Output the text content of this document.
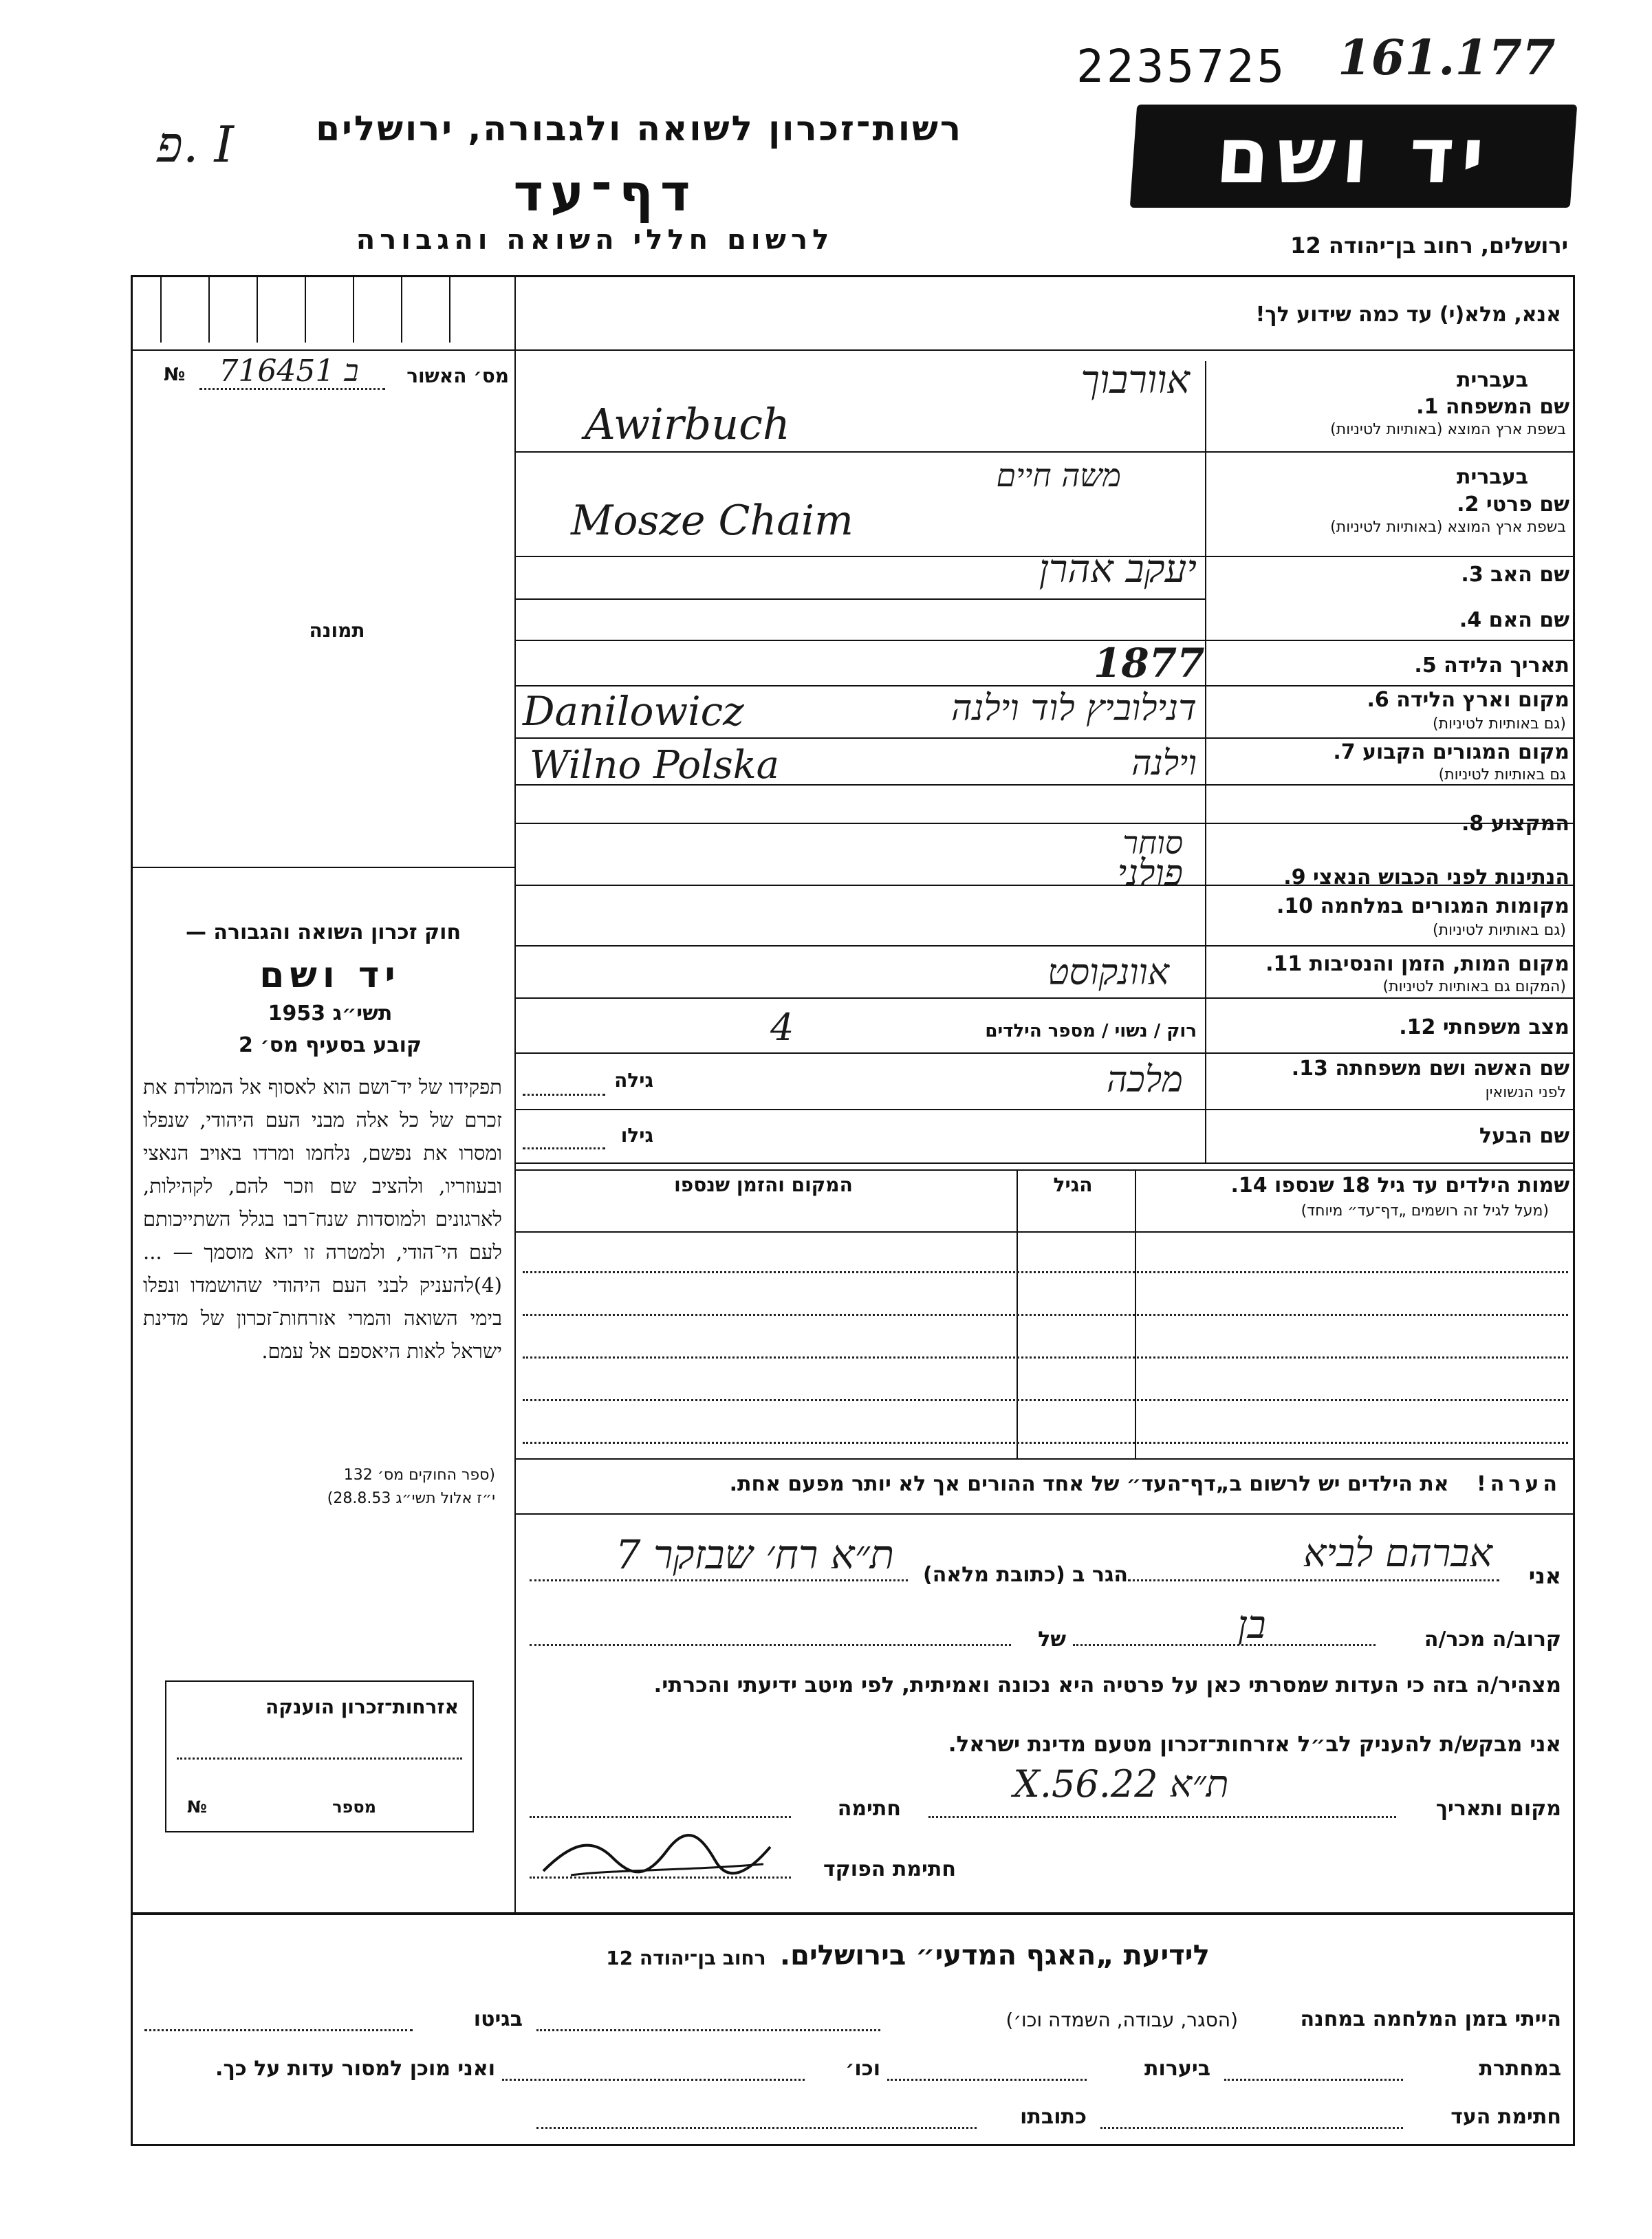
2235725 161.177
I .פ	רשות־זכרון לשואה ולגבורה, ירושלים
דף־עד
לרשום חללי השואה והגבורה
יד ושם
ירושלים, רחוב בן־יהודה 12
אנא, מלא(י) עד כמה שידוע לך!
№	ב 716451	מס׳ האשור
תמונה
חוק זכרון השואה והגבורה —
יד ושם
תשי״ג 1953
קובע בסעיף מס׳ 2
תפקידו של יד־ושם הוא לאסוף אל המולדת את זכרם של כל אלה מבני העם היהודי, שנפלו ומסרו את נפשם, נלחמו ומרדו באויב הנאצי ובעוזריו, ולהציב שם וזכר להם, לקהילות, לארגונים ולמוסדות שנח־רבו בגלל השתייכותם לעם הי־הודי, ולמטרה זו יהא מוסמך — ...(4)להעניק לבני העם היהודי שהושמדו ונפלו בימי השואה והמרי אזרחות־זכרון של מדינת ישראל לאות היאספם אל עמם.
(ספר החוקים מס׳ 132
י״ז אלול תשי״ג 28.8.53)
אזרחות־זכרון הוענקה
מספר
№
בעברית
שם המשפחה 1.
בשפת ארץ המוצא (באותיות לטיניות)
אוורבוך
Awirbuch
בעברית
שם פרטי 2.
בשפת ארץ המוצא (באותיות לטיניות)
משה חיים
Mosze Chaim
שם האב 3.
יעקב אהרן
שם האם 4.
תאריך הלידה 5.
1877
מקום וארץ הלידה 6.
(גם באותיות לטיניות)
דנילוביץ לוד וילנה
Danilowicz
מקום המגורים הקבוע 7.
גם באותיות לטיניות)
וילנה
Wilno Polska
המקצוע 8.
סוחר
הנתינות לפני הכבוש הנאצי 9.
פולני
מקומות המגורים במלחמה 10.
(גם באותיות לטיניות)
מקום המות, הזמן והנסיבות 11.
(המקום גם באותיות לטיניות)
אוונקוסט
מצב משפחתי 12.
רוק / נשוי / מספר הילדים
4
שם האשה ושם משפחתה 13.
לפני הנשואין
מלכה
גילה
שם הבעל
גילו
שמות הילדים עד גיל 18 שנספו 14.
(מעל לגיל זה רושמים „דף־עד״ מיוחד)
הגיל
המקום והזמן שנספו
הערה! את הילדים יש לרשום ב„דף־העד״ של אחד ההורים אך לא יותר מפעם אחת.
אני
אברהם לביא
הגר ב (כתובת מלאה)
ת״א רח׳ שבזקר 7
קרוב/ה מכר/ה
בן
של
מצהיר/ה בזה כי העדות שמסרתי כאן על פרטיה היא נכונה ואמיתית, לפי מיטב ידיעתי והכרתי.
אני מבקש/ת להעניק לב״ל אזרחות־זכרון מטעם מדינת ישראל.
מקום ותאריך
ת״א 22.X.56
חתימה
חתימת הפוקד
לידיעת „האגף המדעי״ בירושלים.    רחוב בן־יהודה 12
הייתי בזמן המלחמה במחנה
(הסגר, עבודה, השמדה וכו׳)
בגיטו
במחתרת
ביערות
וכו׳
ואני מוכן למסור עדות על כך.
חתימת העד
כתובתו
